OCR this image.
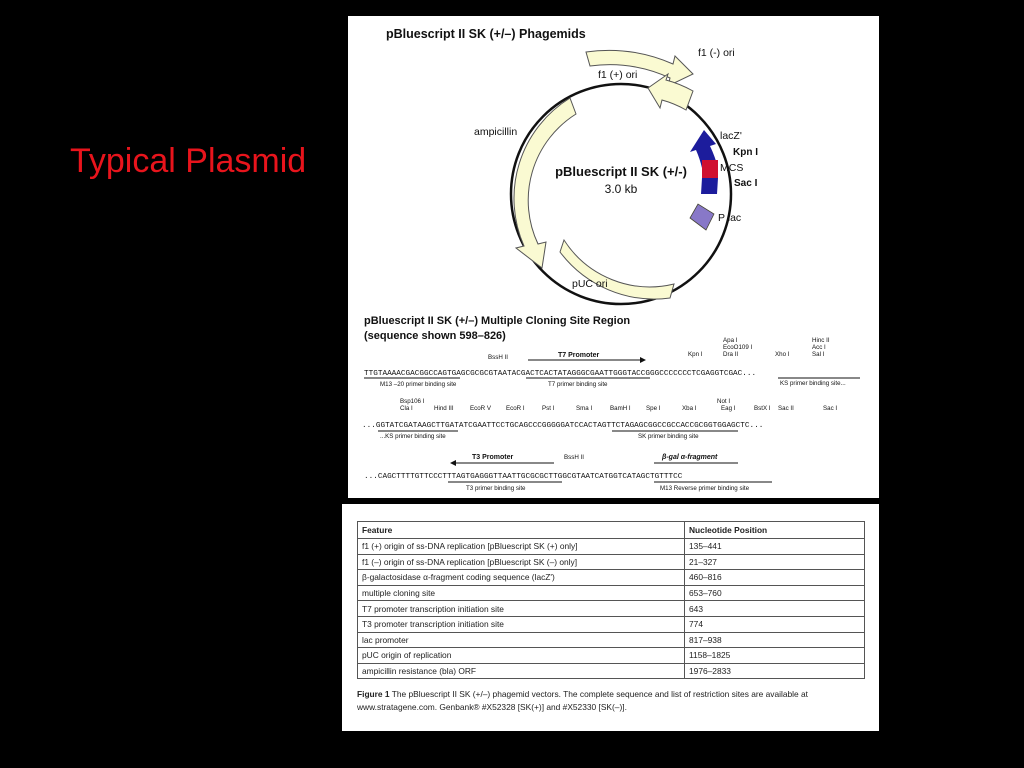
Typical Plasmid
pBluescript II SK (+/–) Phagemids
pBluescript II SK (+/-)
3.0 kb
f1 (-) ori
f1 (+) ori
ampicillin	lacZ'
Kpn I
MCS
Sac I
P lac
pUC ori
pBluescript II SK (+/–) Multiple Cloning Site Region
(sequence shown 598–826)
BssH II	Kpn I
Apa I
EcoO109 I
Dra II	Xho I
Hinc II
Acc I
Sal I
T7 Promoter
TTGTAAAACGACGGCCAGTGAGCGCGCGTAATACGACTCACTATAGGGCGAATTGGGTACCGGGCCCCCCCTCGAGGTCGAC...
M13 –20 primer binding site	T7 primer binding site	KS primer binding site...
Bsp106 I
Cla I	Hind III	EcoR V EcoR I	Pst I	Sma I	BamH I Spe I	Xba I
Not I
Eag I	BstX I Sac II	Sac I
...GGTATCGATAAGCTTGATATCGAATTCCTGCAGCCCGGGGGATCCACTAGTTCTAGAGCGGCCGCCACCGCGGTGGAGCTC...
...KS primer binding site	SK primer binding site
T3 Promoter	BssH II	β-gal α-fragment
...CAGCTTTTGTTCCCTTTAGTGAGGGTTAATTGCGCGCTTGGCGTAATCATGGTCATAGCTGTTTCC
T3 primer binding site	M13 Reverse primer binding site
Feature	Nucleotide Position
f1 (+) origin of ss-DNA replication [pBluescript SK (+) only]	135–441
f1 (–) origin of ss-DNA replication [pBluescript SK (–) only]	21–327
β-galactosidase α-fragment coding sequence (lacZ')	460–816
multiple cloning site	653–760
T7 promoter transcription initiation site	643
T3 promoter transcription initiation site	774
lac promoter	817–938
pUC origin of replication	1158–1825
ampicillin resistance (bla) ORF	1976–2833
Figure 1 The pBluescript II SK (+/–) phagemid vectors. The complete sequence and list of restriction sites are available at www.stratagene.com. Genbank® #X52328 [SK(+)] and #X52330 [SK(–)].
